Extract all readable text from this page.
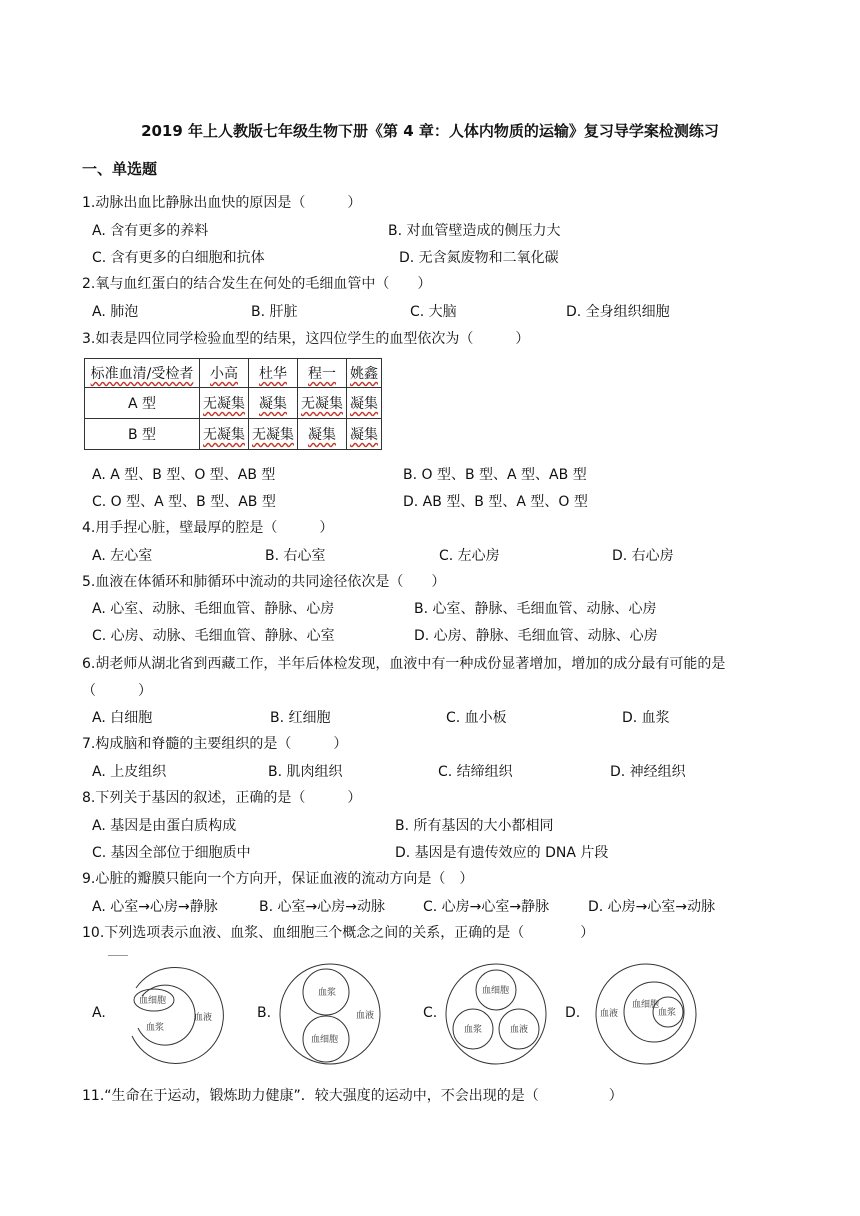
2019 年上人教版七年级生物下册《第 4 章：人体内物质的运输》复习导学案检测练习
一、单选题
1.动脉出血比静脉出血快的原因是（　　　）
A. 含有更多的养料	B. 对血管壁造成的侧压力大
C. 含有更多的白细胞和抗体	D. 无含氮废物和二氧化碳
2.氧与血红蛋白的结合发生在何处的毛细血管中（　　）
A. 肺泡	B. 肝脏	C. 大脑	D. 全身组织细胞
3.如表是四位同学检验血型的结果，这四位学生的血型依次为（　　　）
标准血清/受检者	小高	杜华	程一	姚鑫
A 型	无凝集	凝集	无凝集	凝集
B 型	无凝集	无凝集	凝集	凝集
A. A 型、B 型、O 型、AB 型	B. O 型、B 型、A 型、AB 型
C. O 型、A 型、B 型、AB 型	D. AB 型、B 型、A 型、O 型
4.用手捏心脏，壁最厚的腔是（　　　）
A. 左心室	B. 右心室	C. 左心房	D. 右心房
5.血液在体循环和肺循环中流动的共同途径依次是（　　）
A. 心室、动脉、毛细血管、静脉、心房	B. 心室、静脉、毛细血管、动脉、心房
C. 心房、动脉、毛细血管、静脉、心室	D. 心房、静脉、毛细血管、动脉、心房
6.胡老师从湖北省到西藏工作，半年后体检发现，血液中有一种成份显著增加，增加的成分最有可能的是
（　　　）
A. 白细胞	B. 红细胞	C. 血小板	D. 血浆
7.构成脑和脊髓的主要组织的是（　　　）
A. 上皮组织	B. 肌肉组织	C. 结缔组织	D. 神经组织
8.下列关于基因的叙述，正确的是（　　　）
A. 基因是由蛋白质构成	B. 所有基因的大小都相同
C. 基因全部位于细胞质中	D. 基因是有遗传效应的 DNA 片段
9.心脏的瓣膜只能向一个方向开，保证血液的流动方向是（　）
A. 心室→心房→静脉	B. 心室→心房→动脉	C. 心房→心室→静脉	D. 心房→心室→动脉
10.下列选项表示血液、血浆、血细胞三个概念之间的关系，正确的是（　　　　）
A.
血细胞
血浆
血液	B.
血浆
血细胞
血液	C.
血细胞
血浆	血液
D. 血液	血浆
血细胞
11.“生命在于运动，锻炼助力健康”．较大强度的运动中，不会出现的是（　　　　　）
